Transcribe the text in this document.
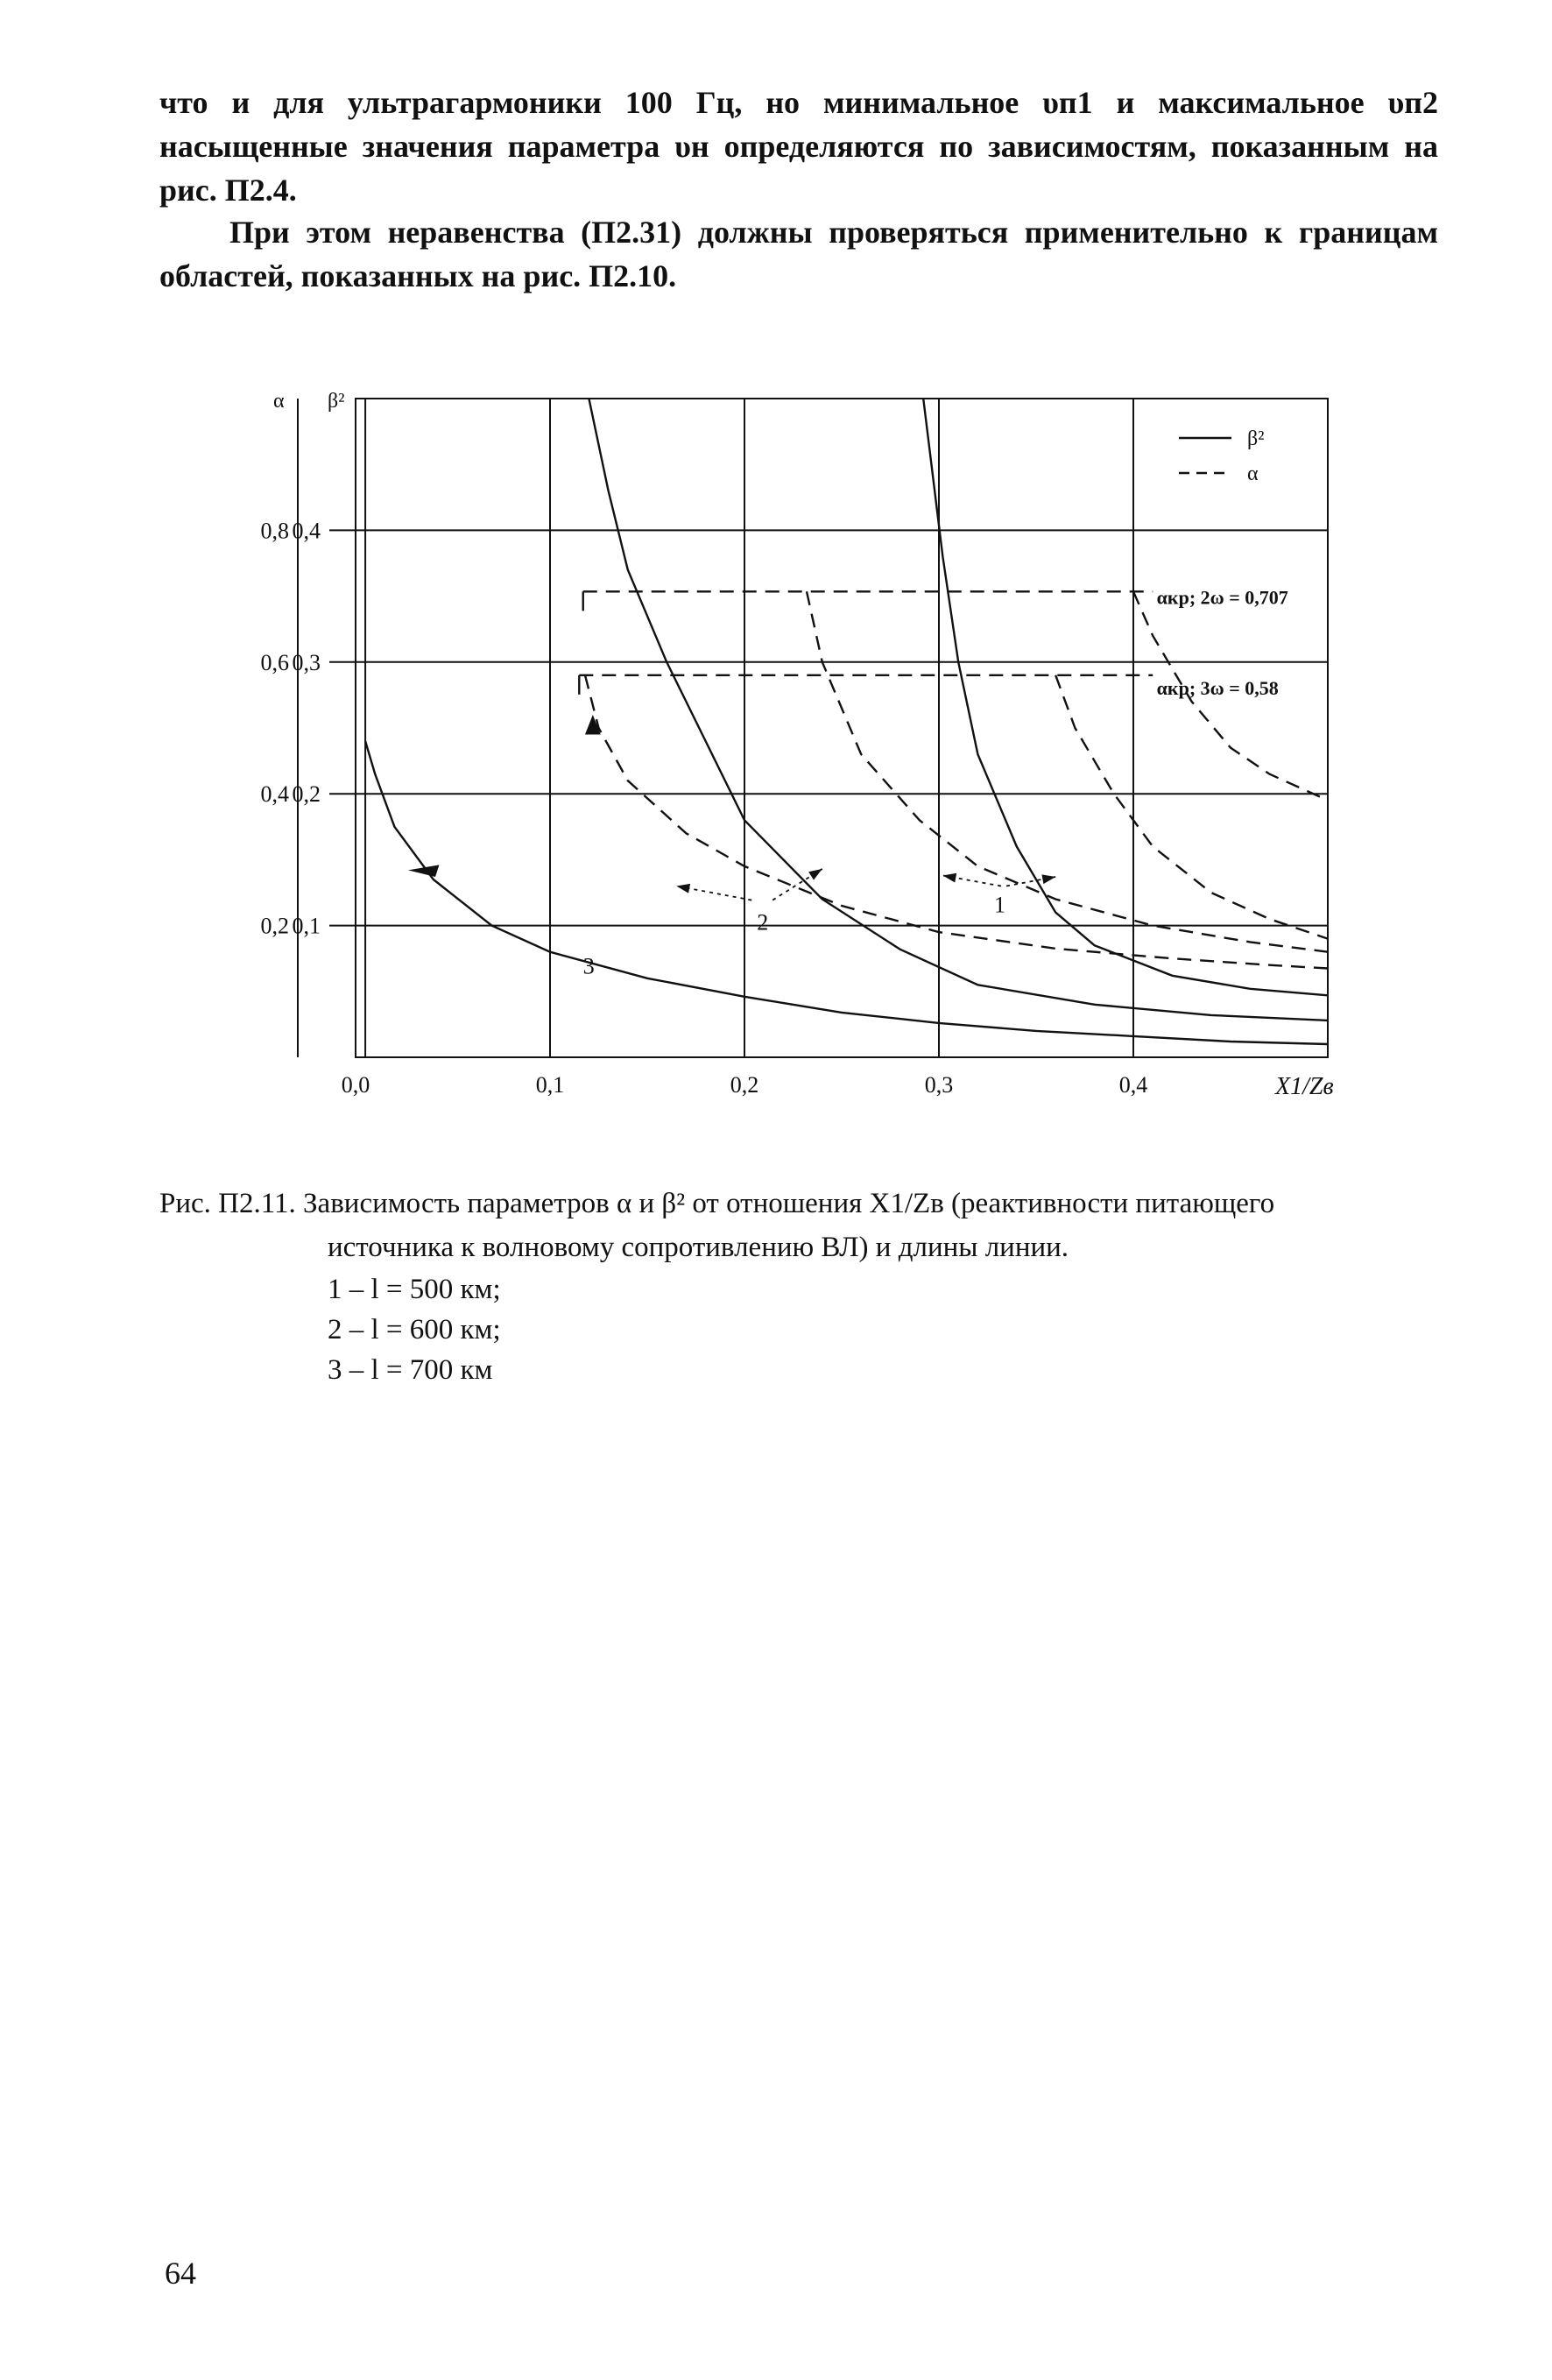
что и для ультрагармоники 100 Гц, но минимальное υп1 и максимальное υп2 насыщенные значения параметра υн определяются по зависимостям, показанным на рис. П2.4.

При этом неравенства (П2.31) должны проверяться применительно к границам областей, показанных на рис. П2.10.

0,0	0,1	0,2	0,3	0,4
0,4
0,3
0,2
0,1
0,8
0,6
0,4
0,2
α β²
X1/Zв
αкр; 2ω = 0,707
αкр; 3ω = 0,58
β²
α
1
2
3

Рис. П2.11. Зависимость параметров α и β² от отношения X1/Zв (реактивности питающего

источника к волновому сопротивлению ВЛ) и длины линии.

1 – l = 500 км;

2 – l = 600 км;

3 – l = 700 км

64
